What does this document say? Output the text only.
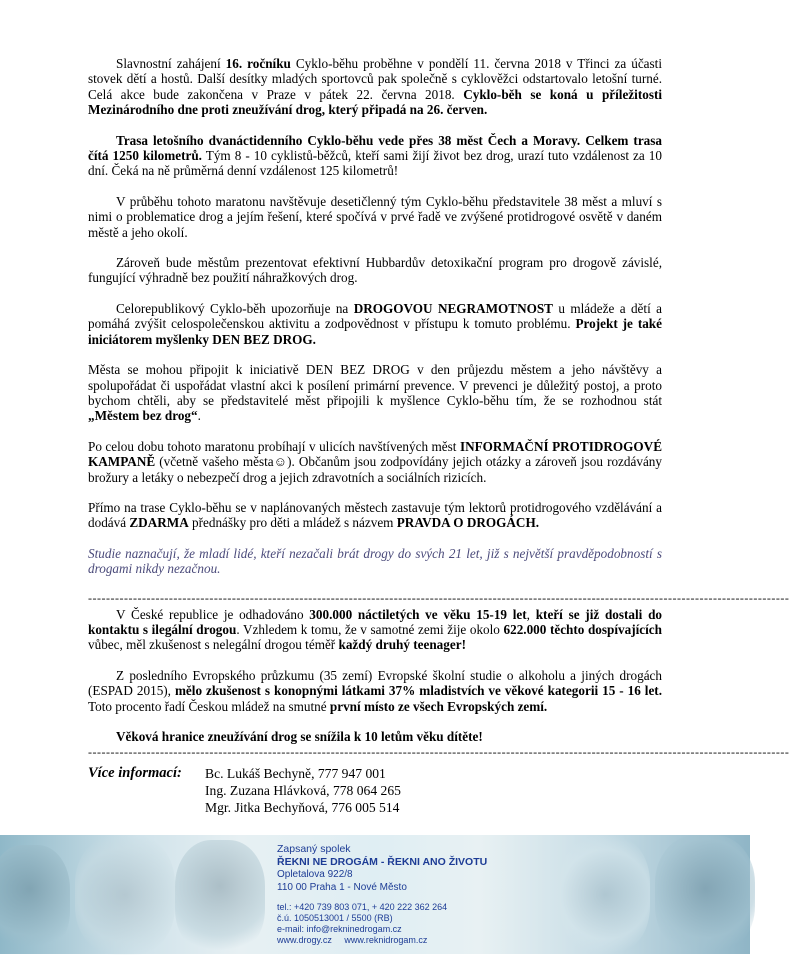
Slavnostní zahájení 16. ročníku Cyklo-běhu proběhne v pondělí 11. června 2018 v Třinci za účasti stovek dětí a hostů. Další desítky mladých sportovců pak společně s cyklověžci odstartovalo letošní turné. Celá akce bude zakončena v Praze v pátek 22. června 2018. Cyklo-běh se koná u příležitosti Mezinárodního dne proti zneužívání drog, který připadá na 26. červen.

Trasa letošního dvanáctidenního Cyklo-běhu vede přes 38 měst Čech a Moravy. Celkem trasa čítá 1250 kilometrů. Tým 8 - 10 cyklistů-běžců, kteří sami žijí život bez drog, urazí tuto vzdálenost za 10 dní. Čeká na ně průměrná denní vzdálenost 125 kilometrů!

V průběhu tohoto maratonu navštěvuje desetičlenný tým Cyklo-běhu představitele 38 měst a mluví s nimi o problematice drog a jejím řešení, které spočívá v prvé řadě ve zvýšené protidrogové osvětě v daném městě a jeho okolí.

Zároveň bude městům prezentovat efektivní Hubbardův detoxikační program pro drogově závislé, fungující výhradně bez použití náhražkových drog.

Celorepublikový Cyklo-běh upozorňuje na DROGOVOU NEGRAMOTNOST u mládeže a dětí a pomáhá zvýšit celospolečenskou aktivitu a zodpovědnost v přístupu k tomuto problému. Projekt je také iniciátorem myšlenky DEN BEZ DROG.

Města se mohou připojit k iniciativě DEN BEZ DROG v den průjezdu městem a jeho návštěvy a spolupořádat či uspořádat vlastní akci k posílení primární prevence. V prevenci je důležitý postoj, a proto bychom chtěli, aby se představitelé měst připojili k myšlence Cyklo-běhu tím, že se rozhodnou stát „Městem bez drog“.

Po celou dobu tohoto maratonu probíhají v ulicích navštívených měst INFORMAČNÍ PROTIDROGOVÉ KAMPANĚ (včetně vašeho města☺). Občanům jsou zodpovídány jejich otázky a zároveň jsou rozdávány brožury a letáky o nebezpečí drog a jejich zdravotních a sociálních rizicích.

Přímo na trase Cyklo-běhu se v naplánovaných městech zastavuje tým lektorů protidrogového vzdělávání a dodává ZDARMA přednášky pro děti a mládež s názvem PRAVDA O DROGÁCH.

Studie naznačují, že mladí lidé, kteří nezačali brát drogy do svých 21 let, již s největší pravděpodobností s drogami nikdy nezačnou.

------------------------------------------------------------------------------------------------------------------------------------------------------------

V České republice je odhadováno 300.000 náctiletých ve věku 15-19 let, kteří se již dostali do kontaktu s ilegální drogou. Vzhledem k tomu, že v samotné zemi žije okolo 622.000 těchto dospívajících vůbec, měl zkušenost s nelegální drogou téměř každý druhý teenager!

Z posledního Evropského průzkumu (35 zemí) Evropské školní studie o alkoholu a jiných drogách (ESPAD 2015), mělo zkušenost s konopnými látkami 37% mladistvích ve věkové kategorii 15 - 16 let. Toto procento řadí Českou mládež na smutné první místo ze všech Evropských zemí.

Věková hranice zneužívání drog se snížila k 10 letům věku dítěte!

------------------------------------------------------------------------------------------------------------------------------------------------------------
Více informací: Bc. Lukáš Bechyně, 777 947 001
Ing. Zuzana Hlávková, 778 064 265
Mgr. Jitka Bechyňová, 776 005 514
Zapsaný spolek
ŘEKNI NE DROGÁM - ŘEKNI ANO ŽIVOTU
Opletalova 922/8
110 00 Praha 1 - Nové Město
tel.: +420 739 803 071, + 420 222 362 264
č.ú. 1050513001 / 5500 (RB)
e-mail: info@rekninedrogam.cz
www.drogy.cz     www.reknidrogam.cz
